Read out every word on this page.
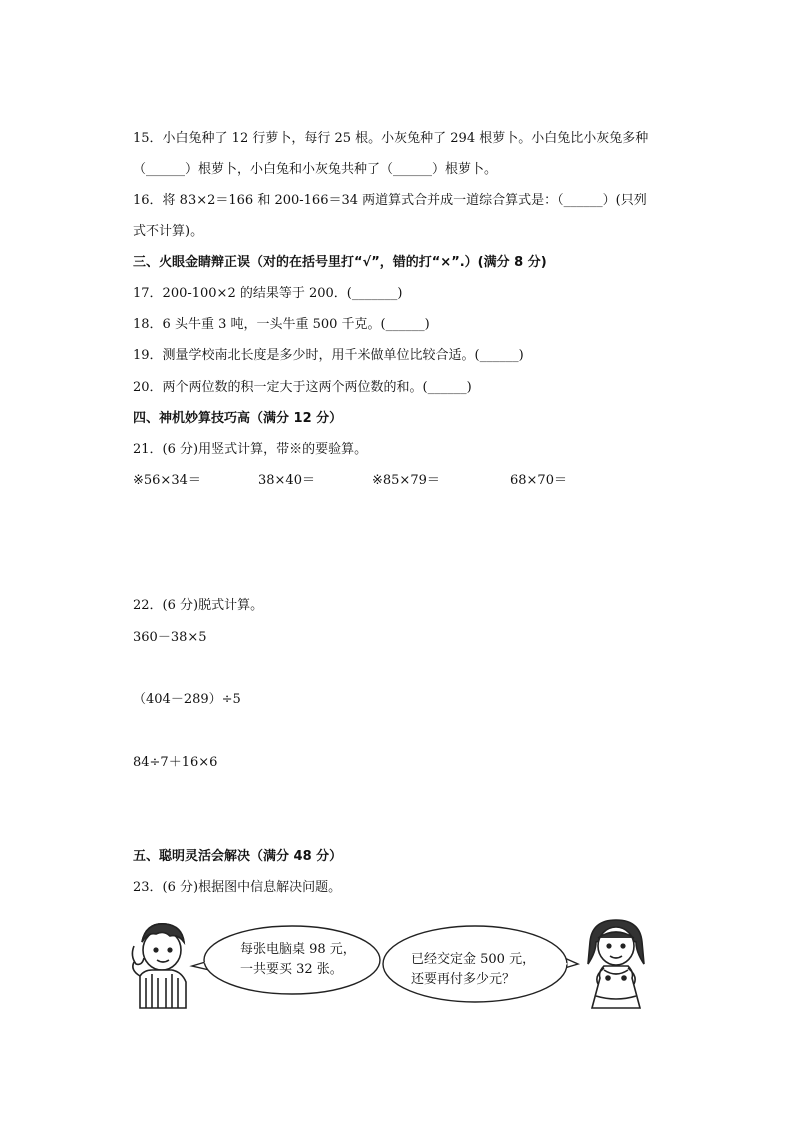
15．小白兔种了 12 行萝卜，每行 25 根。小灰兔种了 294 根萝卜。小白兔比小灰兔多种
（______）根萝卜，小白兔和小灰兔共种了（______）根萝卜。
16．将 83×2＝166 和 200-166＝34 两道算式合并成一道综合算式是：（______）(只列
式不计算)。
三、火眼金睛辩正误（对的在括号里打“√”，错的打“×”.）(满分 8 分)
17．200-100×2 的结果等于 200．(_______)
18．6 头牛重 3 吨，一头牛重 500 千克。(______)
19．测量学校南北长度是多少时，用千米做单位比较合适。(______)
20．两个两位数的积一定大于这两个两位数的和。(______)
四、神机妙算技巧高（满分 12 分）
21．(6 分)用竖式计算，带※的要验算。
※56×34＝	38×40＝	※85×79＝	68×70＝
22．(6 分)脱式计算。
360－38×5
（404－289）÷5
84÷7＋16×6
五、聪明灵活会解决（满分 48 分）
23．(6 分)根据图中信息解决问题。
每张电脑桌 98 元，
一共要买 32 张。
已经交定金 500 元，
还要再付多少元？
